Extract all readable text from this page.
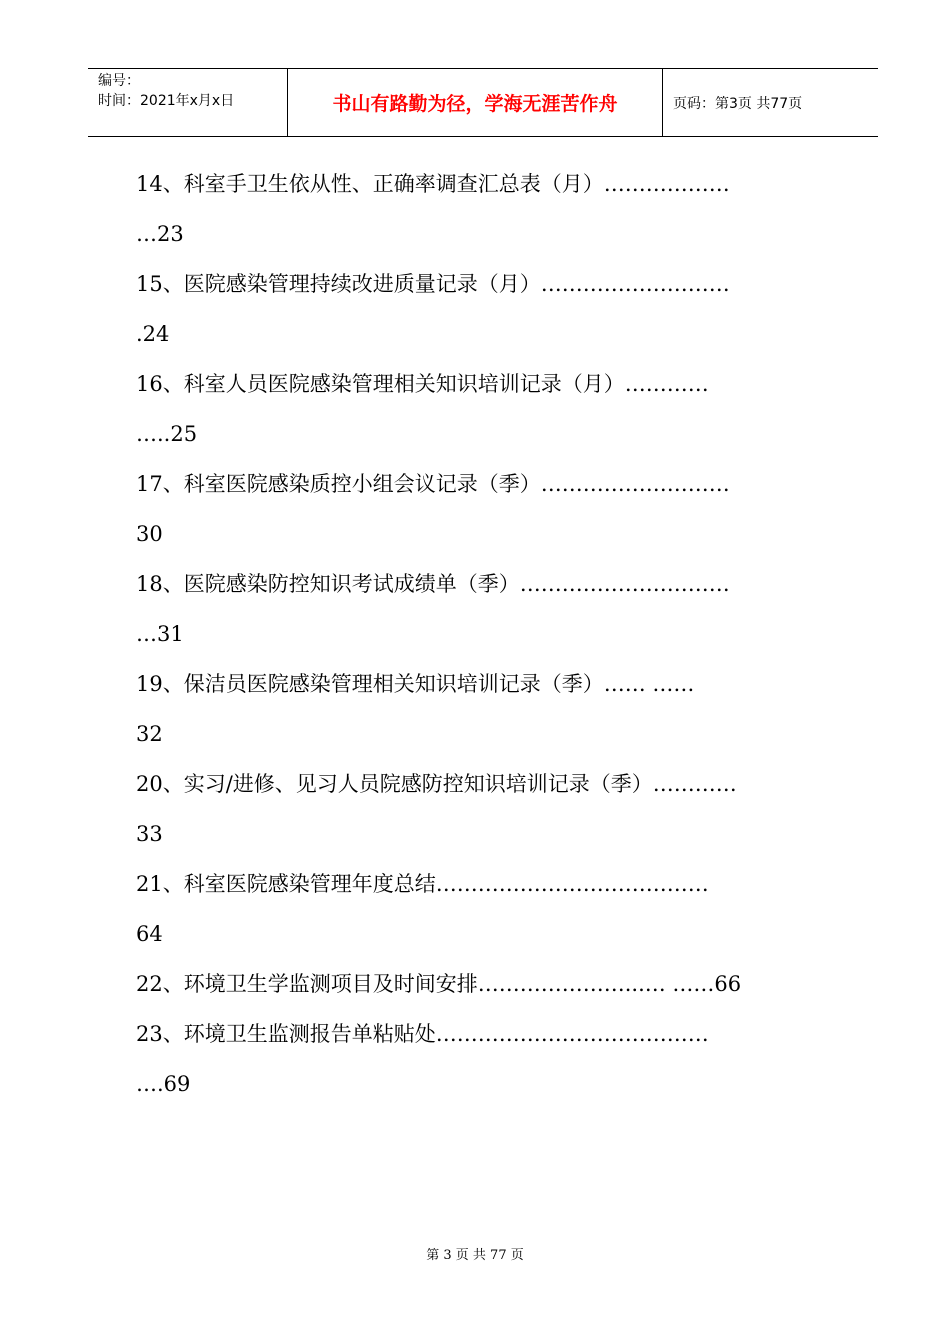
编号：
时间：2021年x月x日	书山有路勤为径，学海无涯苦作舟	页码：第3页 共77页
14、科室手卫生依从性、正确率调查汇总表（月）………………
…23
15、医院感染管理持续改进质量记录（月）………………………
.24
16、科室人员医院感染管理相关知识培训记录（月）…………
…..25
17、科室医院感染质控小组会议记录（季）………………………
30
18、医院感染防控知识考试成绩单（季）…………………………
…31
19、保洁员医院感染管理相关知识培训记录（季）…… ……
32
20、实习/进修、见习人员院感防控知识培训记录（季）…………
33
21、科室医院感染管理年度总结…………………………………
64
22、环境卫生学监测项目及时间安排…………………...… ……66
23、环境卫生监测报告单粘贴处…………………………………
….69
第 3 页 共 77 页
